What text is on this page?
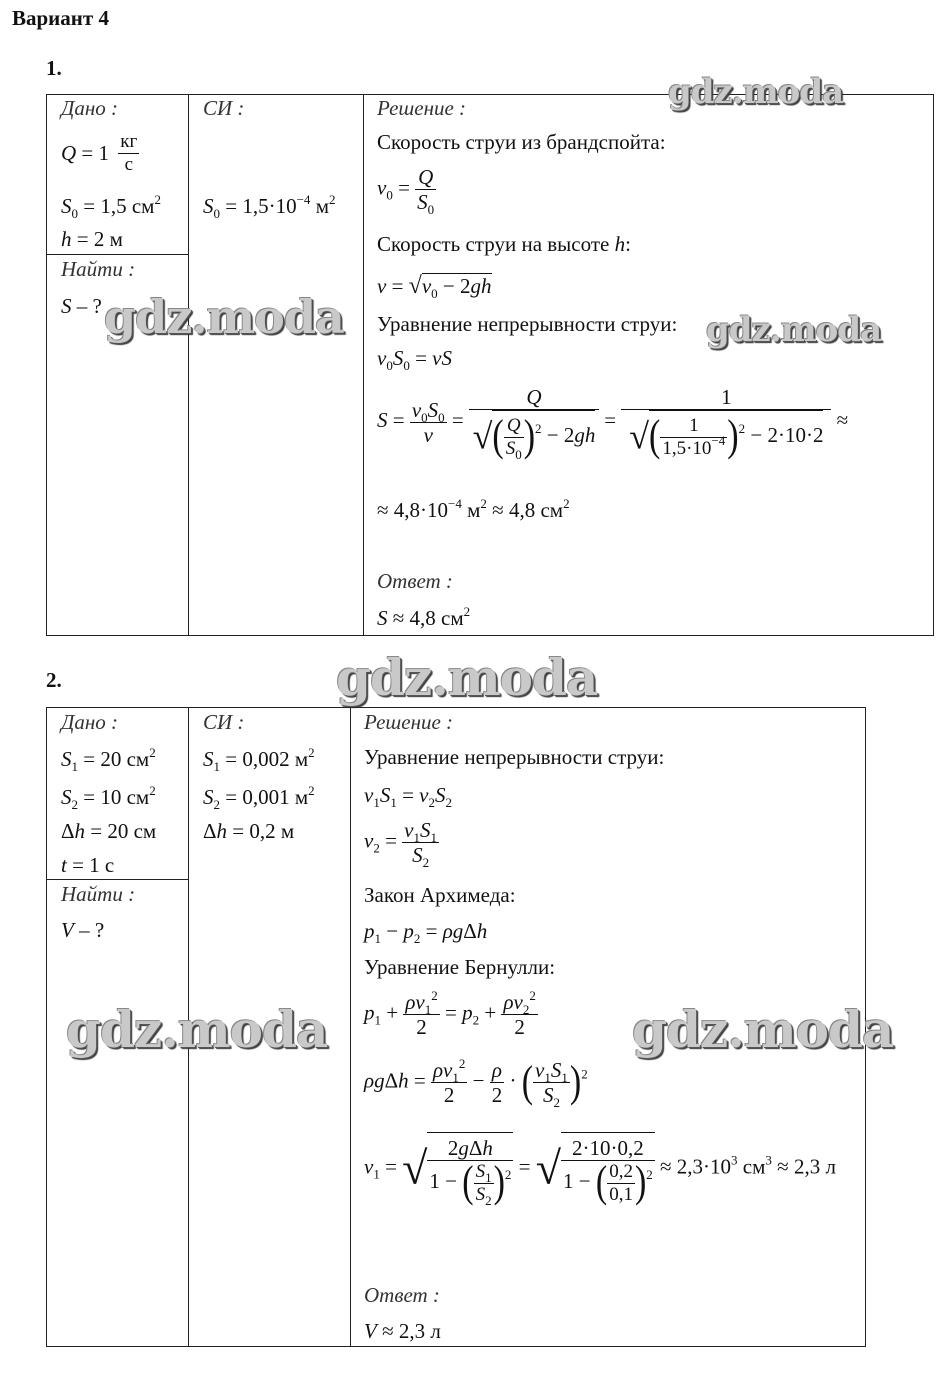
Вариант 4
1.
Дано :
$Q = 1 \frac{кг}{с}$
$S_0 = 1,5$ $см^2$
h = 2 м
Найти :
S – ?
СИ :
$S_0 = 1,5\cdot 10^{-4}$ $м^2$
Решение :
Скорость струи из брандспойта:
$v_0 = \frac{Q}{S_0}$
Скорость струи на высоте h:
$v = √v_0 - 2gh$
Уравнение непрерывности струи:
$v_0S_0$ = vS
$S = \frac{v_0S_0}{v} = \frac{Q}{√( \frac{Q}{S_0} )^2 - 2gh} = \frac{1}{√( \frac{1}{1,5\cdot 10^{-4}} )^2 - 2\cdot 10\cdot 2}$ ≈
≈ $4,8\cdot 10^{-4}$ $м^2 \approx 4,8$ $см^2$
Ответ :
S ≈ 4,8 $см^2$
2.
Дано :
$S_1 = 20$ $см^2$
$S_2 = 10$ $см^2$
Δh = 20 см
t = 1 с
Найти :
V – ?
СИ :
$S_1 = 0,002$ $м^2$
$S_2 = 0,001$ $м^2$
Δh = 0,2 м
Решение :
Уравнение непрерывности струи:
$v_1S_1 = v_2S_2$
$v_2 = \frac{v_1S_1}{S_2}$
Закон Архимеда:
$p_1 - p_2 = \rho g\Delta h$
Уравнение Бернулли:
$p_1 + \frac{\rho v_1^2}{2} = p_2 + \frac{\rho v_2^2}{2}$
$\rho g\Delta h = \frac{\rho v_1^2}{2} - \frac{\rho}{2}$ · ( $\frac{v_1S_1}{S_2} )^2$
$v_1$ = √ $\frac{\text{2gΔh}}{1 - ( \frac{S_1}{S_2} )^2}$ = √ $\frac{2\cdot 10\cdot 0,2}{1 - ( \frac{0,2}{0,1} )^2} \approx 2,3\cdot 10^3$ $см^3 \approx 2,3$ л
Ответ :
V ≈ 2,3 л
gdz.moda
gdz.moda	gdz.moda
gdz.moda
gdz.moda	gdz.moda
